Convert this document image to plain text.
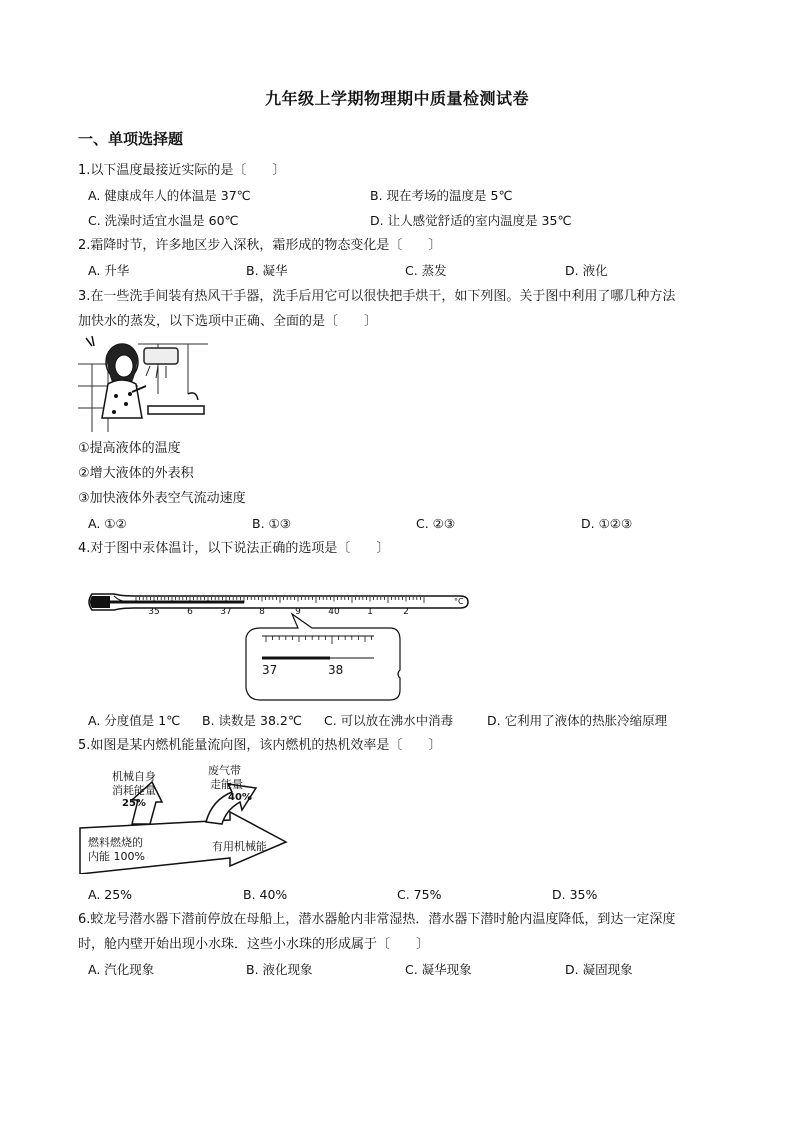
九年级上学期物理期中质量检测试卷
一、单项选择题
1.以下温度最接近实际的是〔　　〕
A. 健康成年人的体温是 37℃	B. 现在考场的温度是 5℃
C. 洗澡时适宜水温是 60℃	D. 让人感觉舒适的室内温度是 35℃
2.霜降时节，许多地区步入深秋，霜形成的物态变化是〔　　〕
A. 升华	B. 凝华	C. 蒸发	D. 液化
3.在一些洗手间装有热风干手器，洗手后用它可以很快把手烘干，如下列图。关于图中利用了哪几种方法
加快水的蒸发，以下选项中正确、全面的是〔　　〕
①提高液体的温度
②增大液体的外表积
③加快液体外表空气流动速度
A. ①②	B. ①③	C. ②③	D. ①②③
4.对于图中汞体温计，以下说法正确的选项是〔　　〕
35	6	37	8	9	40	1	2
°C
37	38
A. 分度值是 1℃ B. 读数是 38.2℃ C. 可以放在沸水中消毒	D. 它利用了液体的热胀冷缩原理
5.如图是某内燃机能量流向图，该内燃机的热机效率是〔　　〕
机械自身
消耗能量
25%
废气带
走能量
40%
燃料燃烧的
内能 100%
有用机械能
A. 25%	B. 40%	C. 75%	D. 35%
6.蛟龙号潜水器下潜前停放在母船上，潜水器舱内非常湿热．潜水器下潜时舱内温度降低，到达一定深度
时，舱内壁开始出现小水珠．这些小水珠的形成属于〔　　〕
A. 汽化现象	B. 液化现象	C. 凝华现象	D. 凝固现象
